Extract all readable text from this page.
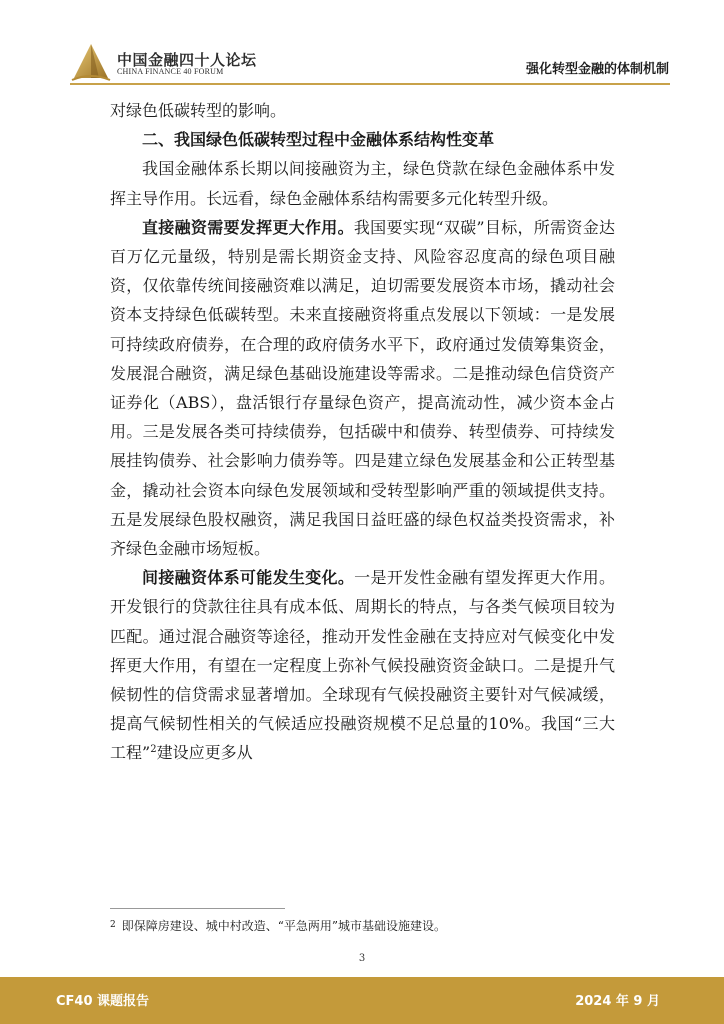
中国金融四十人论坛
CHINA FINANCE 40 FORUM	强化转型金融的体制机制

对绿色低碳转型的影响。

二、我国绿色低碳转型过程中金融体系结构性变革

我国金融体系长期以间接融资为主，绿色贷款在绿色金融体系中发挥主导作用。长远看，绿色金融体系结构需要多元化转型升级。

直接融资需要发挥更大作用。我国要实现“双碳”目标，所需资金达百万亿元量级，特别是需长期资金支持、风险容忍度高的绿色项目融资，仅依靠传统间接融资难以满足，迫切需要发展资本市场，撬动社会资本支持绿色低碳转型。未来直接融资将重点发展以下领域：一是发展可持续政府债券，在合理的政府债务水平下，政府通过发债筹集资金，发展混合融资，满足绿色基础设施建设等需求。二是推动绿色信贷资产证券化（ABS），盘活银行存量绿色资产，提高流动性，减少资本金占用。三是发展各类可持续债券，包括碳中和债券、转型债券、可持续发展挂钩债券、社会影响力债券等。四是建立绿色发展基金和公正转型基金，撬动社会资本向绿色发展领域和受转型影响严重的领域提供支持。五是发展绿色股权融资，满足我国日益旺盛的绿色权益类投资需求，补齐绿色金融市场短板。

间接融资体系可能发生变化。一是开发性金融有望发挥更大作用。开发银行的贷款往往具有成本低、周期长的特点，与各类气候项目较为匹配。通过混合融资等途径，推动开发性金融在支持应对气候变化中发挥更大作用，有望在一定程度上弥补气候投融资资金缺口。二是提升气候韧性的信贷需求显著增加。全球现有气候投融资主要针对气候减缓，提高气候韧性相关的气候适应投融资规模不足总量的10%。我国“三大工程”$^2$建设应更多从

$^2$ 即保障房建设、城中村改造、“平急两用”城市基础设施建设。
3
CF40 课题报告	2024 年 9 月
